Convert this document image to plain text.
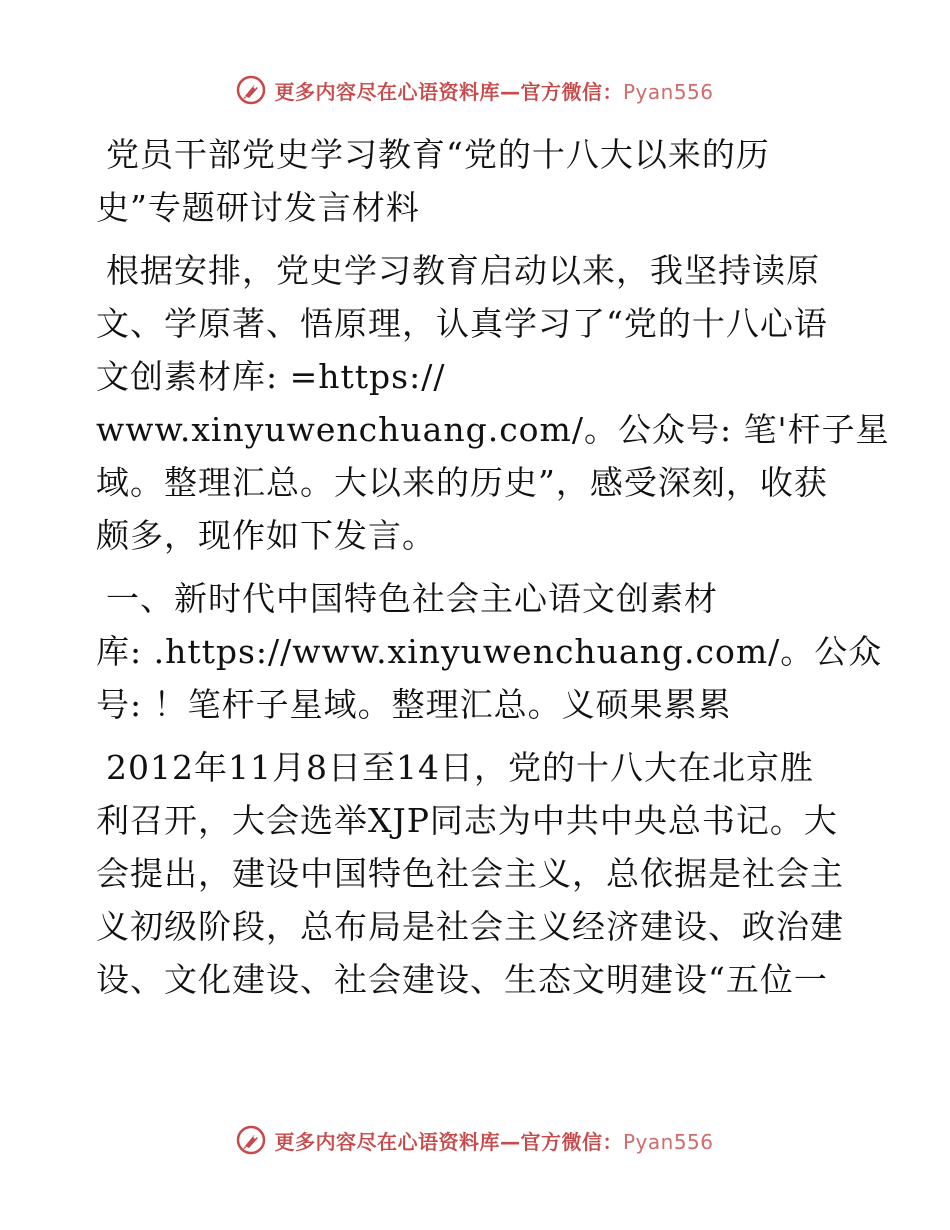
更多内容尽在心语资料库—官方微信：Pyan556
党员干部党史学习教育“党的十八大以来的历
史”专题研讨发言材料
根据安排，党史学习教育启动以来，我坚持读原
文、学原著、悟原理，认真学习了“党的十八心语
文创素材库: =https://
www.xinyuwenchuang.com/。公众号: 笔'杆子星
域。整理汇总。大以来的历史”，感受深刻，收获
颇多，现作如下发言。
一、新时代中国特色社会主心语文创素材
库: .https://www.xinyuwenchuang.com/。公众
号: ！笔杆子星域。整理汇总。义硕果累累
2012年11月8日至14日，党的十八大在北京胜
利召开，大会选举XJP同志为中共中央总书记。大
会提出，建设中国特色社会主义，总依据是社会主
义初级阶段，总布局是社会主义经济建设、政治建
设、文化建设、社会建设、生态文明建设“五位一
更多内容尽在心语资料库—官方微信：Pyan556
